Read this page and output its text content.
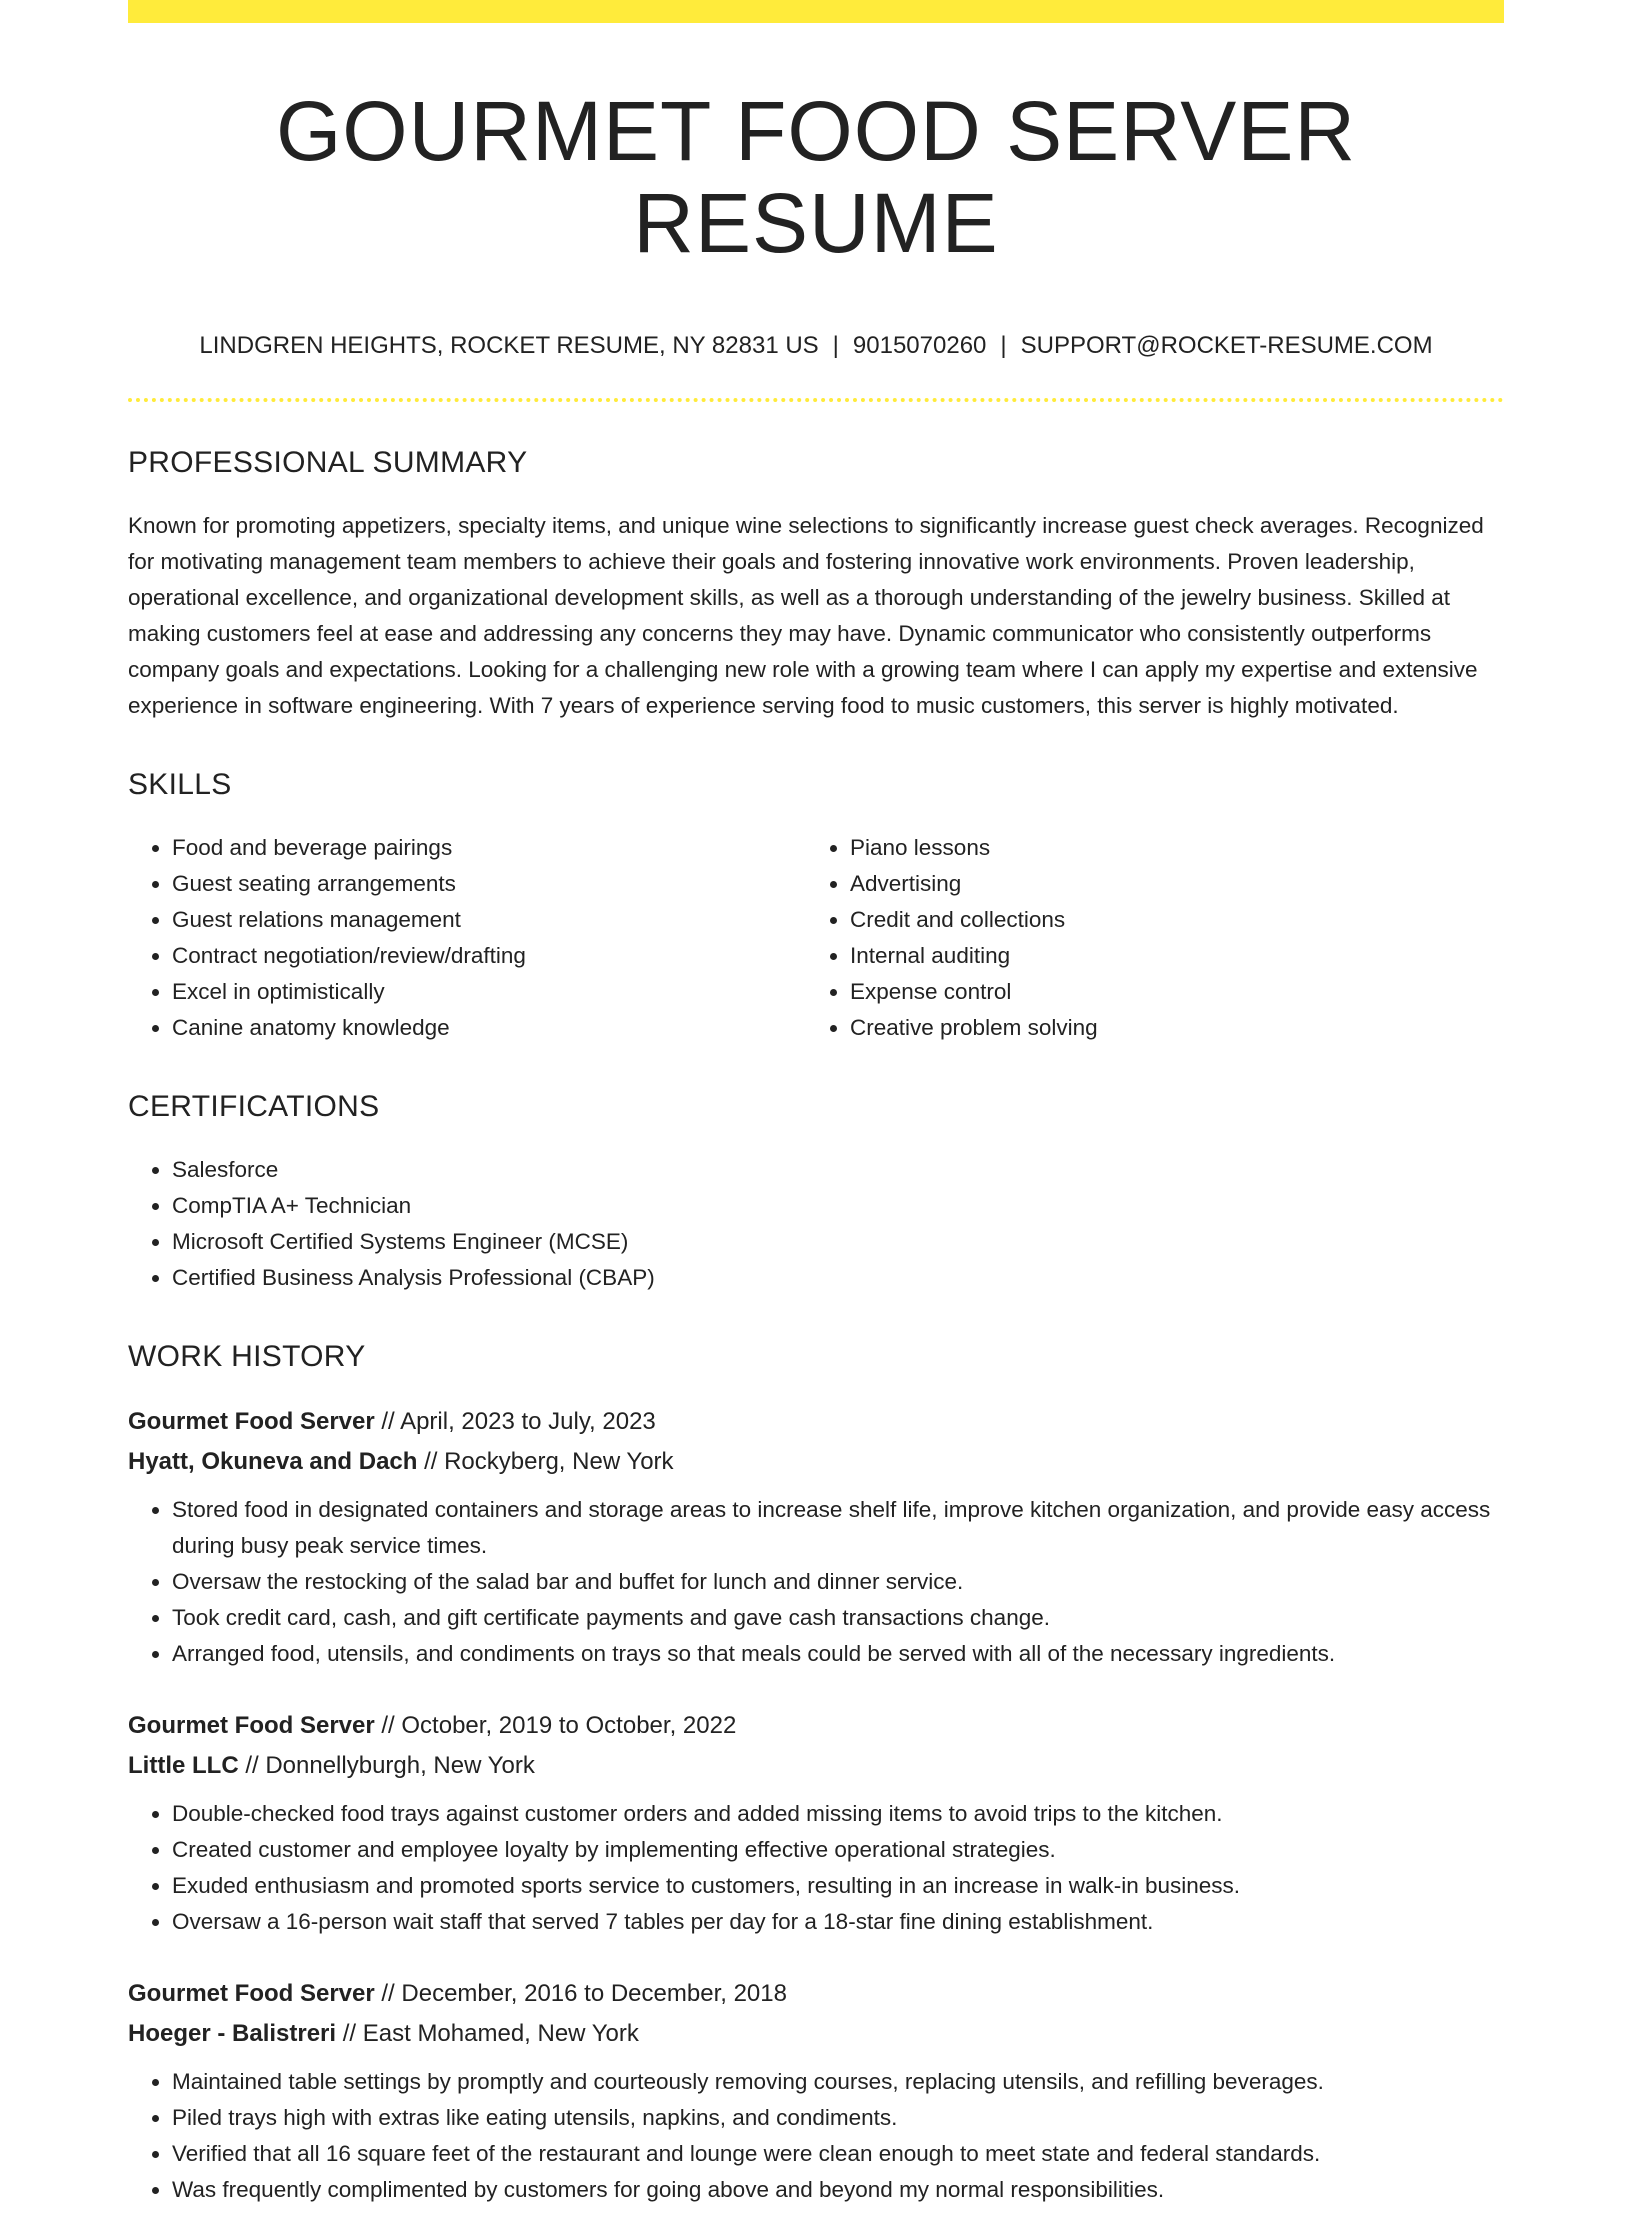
GOURMET FOOD SERVER RESUME
LINDGREN HEIGHTS, ROCKET RESUME, NY 82831 US | 9015070260 | SUPPORT@ROCKET-RESUME.COM
PROFESSIONAL SUMMARY

Known for promoting appetizers, specialty items, and unique wine selections to significantly increase guest check averages. Recognized for motivating management team members to achieve their goals and fostering innovative work environments. Proven leadership, operational excellence, and organizational development skills, as well as a thorough understanding of the jewelry business. Skilled at making customers feel at ease and addressing any concerns they may have. Dynamic communicator who consistently outperforms company goals and expectations. Looking for a challenging new role with a growing team where I can apply my expertise and extensive experience in software engineering. With 7 years of experience serving food to music customers, this server is highly motivated.

SKILLS
• Food and beverage pairings
• Guest seating arrangements
• Guest relations management
• Contract negotiation/review/drafting
• Excel in optimistically
• Canine anatomy knowledge
• Piano lessons
• Advertising
• Credit and collections
• Internal auditing
• Expense control
• Creative problem solving
CERTIFICATIONS
• Salesforce
• CompTIA A+ Technician
• Microsoft Certified Systems Engineer (MCSE)
• Certified Business Analysis Professional (CBAP)
WORK HISTORY
Gourmet Food Server // April, 2023 to July, 2023
Hyatt, Okuneva and Dach // Rockyberg, New York
• Stored food in designated containers and storage areas to increase shelf life, improve kitchen organization, and provide easy access during busy peak service times.
• Oversaw the restocking of the salad bar and buffet for lunch and dinner service.
• Took credit card, cash, and gift certificate payments and gave cash transactions change.
• Arranged food, utensils, and condiments on trays so that meals could be served with all of the necessary ingredients.
Gourmet Food Server // October, 2019 to October, 2022
Little LLC // Donnellyburgh, New York
• Double-checked food trays against customer orders and added missing items to avoid trips to the kitchen.
• Created customer and employee loyalty by implementing effective operational strategies.
• Exuded enthusiasm and promoted sports service to customers, resulting in an increase in walk-in business.
• Oversaw a 16-person wait staff that served 7 tables per day for a 18-star fine dining establishment.
Gourmet Food Server // December, 2016 to December, 2018
Hoeger - Balistreri // East Mohamed, New York
• Maintained table settings by promptly and courteously removing courses, replacing utensils, and refilling beverages.
• Piled trays high with extras like eating utensils, napkins, and condiments.
• Verified that all 16 square feet of the restaurant and lounge were clean enough to meet state and federal standards.
• Was frequently complimented by customers for going above and beyond my normal responsibilities.
